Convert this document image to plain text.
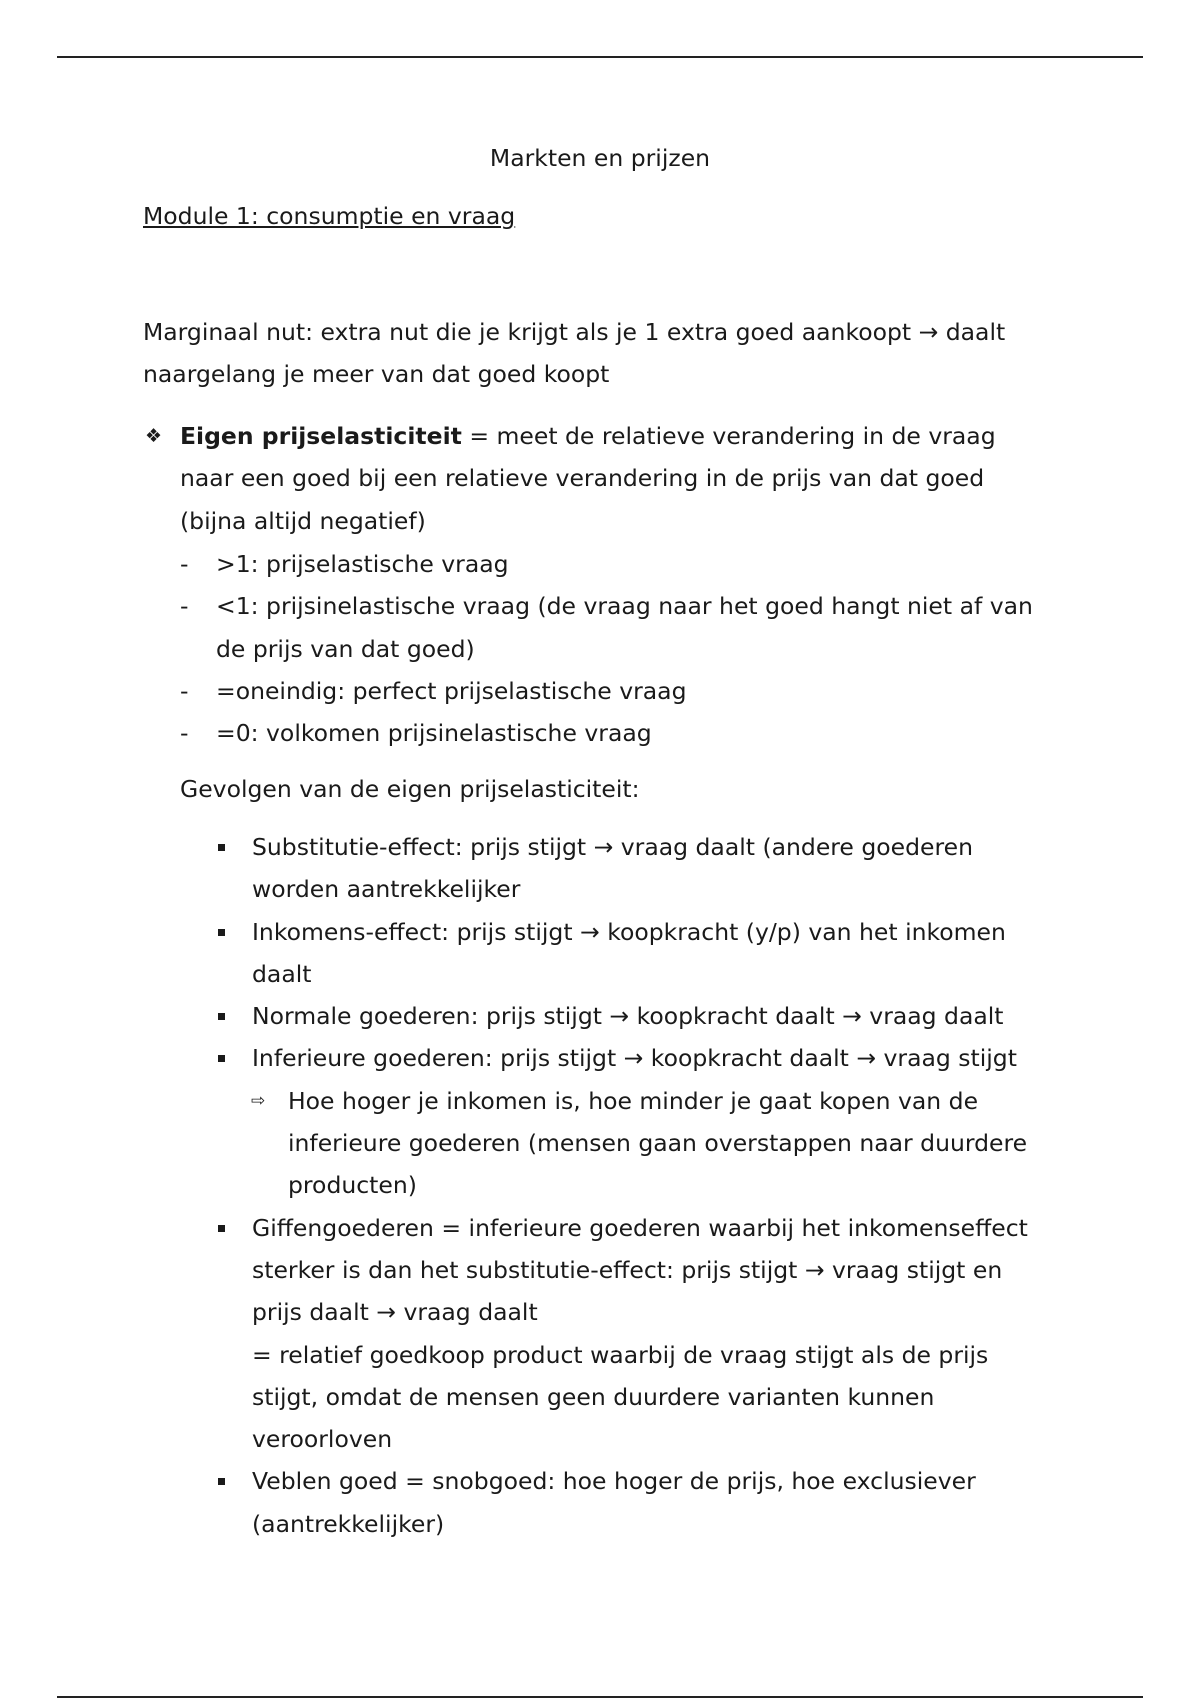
Markten en prijzen
Module 1: consumptie en vraag
Marginaal nut: extra nut die je krijgt als je 1 extra goed aankoopt → daalt
naargelang je meer van dat goed koopt
❖ Eigen prijselasticiteit = meet de relatieve verandering in de vraag
naar een goed bij een relatieve verandering in de prijs van dat goed
(bijna altijd negatief)
- >1: prijselastische vraag
- <1: prijsinelastische vraag (de vraag naar het goed hangt niet af van
de prijs van dat goed)
- =oneindig: perfect prijselastische vraag
- =0: volkomen prijsinelastische vraag
Gevolgen van de eigen prijselasticiteit:
Substitutie-effect: prijs stijgt → vraag daalt (andere goederen
worden aantrekkelijker
Inkomens-effect: prijs stijgt → koopkracht (y/p) van het inkomen
daalt
Normale goederen: prijs stijgt → koopkracht daalt → vraag daalt
Inferieure goederen: prijs stijgt → koopkracht daalt → vraag stijgt
⇨ Hoe hoger je inkomen is, hoe minder je gaat kopen van de
inferieure goederen (mensen gaan overstappen naar duurdere
producten)
Giffengoederen = inferieure goederen waarbij het inkomenseffect
sterker is dan het substitutie-effect: prijs stijgt → vraag stijgt en
prijs daalt → vraag daalt
= relatief goedkoop product waarbij de vraag stijgt als de prijs
stijgt, omdat de mensen geen duurdere varianten kunnen
veroorloven
Veblen goed = snobgoed: hoe hoger de prijs, hoe exclusiever
(aantrekkelijker)
